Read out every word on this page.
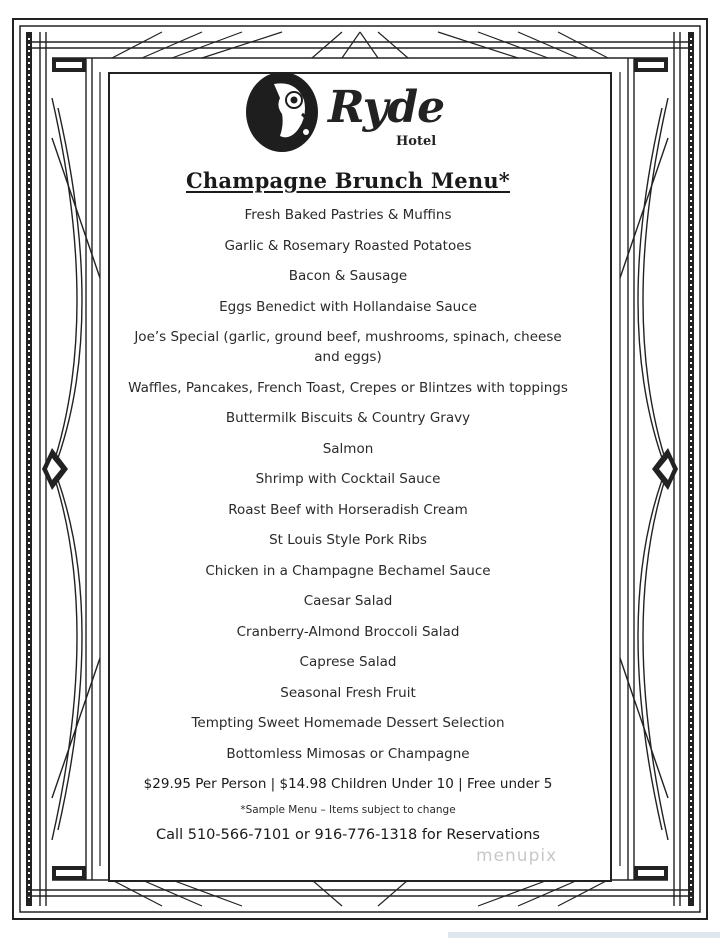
Ryde
Hotel
Champagne Brunch Menu*
Fresh Baked Pastries & Muffins
Garlic & Rosemary Roasted Potatoes
Bacon & Sausage
Eggs Benedict with Hollandaise Sauce
Joe’s Special (garlic, ground beef, mushrooms, spinach, cheese and eggs)
Waffles, Pancakes, French Toast, Crepes or Blintzes with toppings
Buttermilk Biscuits & Country Gravy
Salmon
Shrimp with Cocktail Sauce
Roast Beef with Horseradish Cream
St Louis Style Pork Ribs
Chicken in a Champagne Bechamel Sauce
Caesar Salad
Cranberry-Almond Broccoli Salad
Caprese Salad
Seasonal Fresh Fruit
Tempting Sweet Homemade Dessert Selection
Bottomless Mimosas or Champagne
$29.95 Per Person | $14.98 Children Under 10 | Free under 5
*Sample Menu – Items subject to change
Call 510-566-7101 or 916-776-1318 for Reservations
menupix
